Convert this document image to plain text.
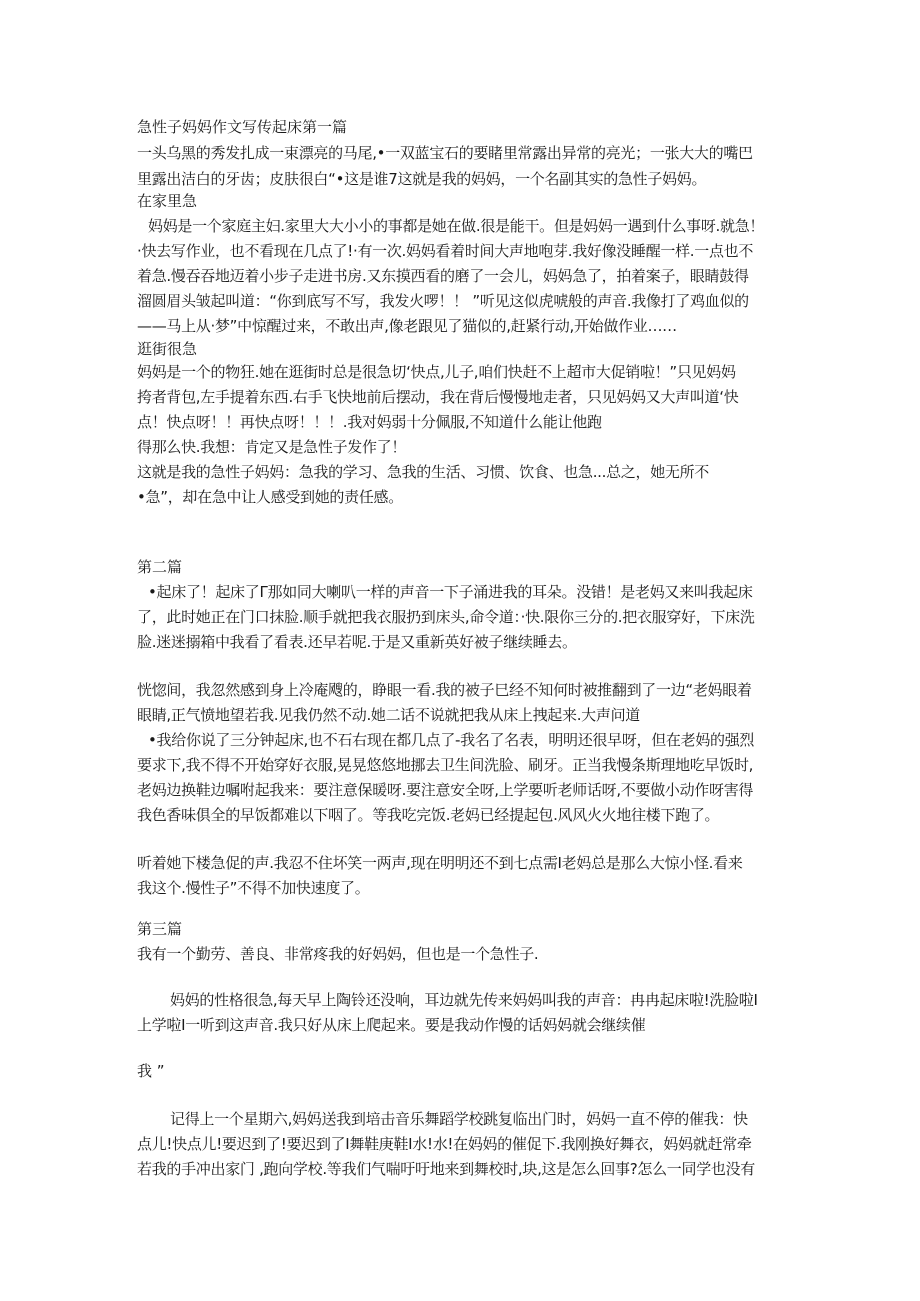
急性子妈妈作文写传起床第一篇
一头乌黑的秀发扎成一束漂亮的马尾,•一双蓝宝石的要睹里常露出异常的亮光；一张大大的嘴巴
里露出洁白的牙齿；皮肤很白“•这是谁7这就是我的妈妈，一个名副其实的急性子妈妈。
在家里急
妈妈是一个家庭主妇.家里大大小小的事都是她在做.很是能干。但是妈妈一遇到什么事呀.就急！
·快去写作业，也不看现在几点了!·有一次.妈妈看着时间大声地咆芽.我好像没睡醒一样.一点也不
着急.慢吞吞地迈着小步子走进书房.又东摸西看的磨了一会儿，妈妈急了，拍着案子，眼睛鼓得
溜圆眉头皱起叫道：“你到底写不写，我发火啰！！ ”听见这似虎唬般的声音.我像打了鸡血似的
——马上从·梦”中惊醒过来，不敢出声,像老跟见了猫似的,赶紧行动,开始做作业……
逛街很急
妈妈是一个的物狂.她在逛街时总是很急切‘快点,儿子,咱们快赶不上超市大促销啦！”只见妈妈
挎者背包,左手提着东西.右手飞快地前后摆动，我在背后慢慢地走者，只见妈妈又大声叫道‘快
点！快点呀！！再快点呀！！！.我对妈弱十分佩服,不知道什么能让他跑
得那么快.我想：肯定又是急性子发作了！
这就是我的急性子妈妈：急我的学习、急我的生活、习惯、饮食、也急...总之，她无所不
•急”，却在急中让人感受到她的责任感。
第二篇
•起床了！起床了Γ那如同大喇叭一样的声音一下子涌进我的耳朵。没错！是老妈又来叫我起床
了，此时她正在门口抹脸.顺手就把我衣服扔到床头,命令道：·快.限你三分的.把衣服穿好，下床洗
脸.迷迷搦箱中我看了看表.还早若呢.于是又重新英好被子继续睡去。
恍惚间，我忽然感到身上冷庵飕的，睁眼一看.我的被子巳经不知何时被推翻到了一边“老妈眼着
眼睛,正气愤地望若我.见我仍然不动.她二话不说就把我从床上拽起来.大声问道
•我给你说了三分钟起床,也不石右现在都几点了-我名了名表，明明还很早呀，但在老妈的强烈
要求下,我不得不开始穿好衣服,晃晃悠悠地挪去卫生间洗脸、刷牙。正当我慢条斯理地吃早饭时,
老妈边换鞋边嘱咐起我来：要注意保暖呀.要注意安全呀,上学要听老师话呀,不要做小动作呀害得
我色香味俱全的早饭都难以下咽了。等我吃完饭.老妈已经提起包.风风火火地往楼下跑了。
听着她下楼急促的声.我忍不住坏笑一两声,现在明明还不到七点需Ι老妈总是那么大惊小怪.看来
我这个.慢性子”不得不加快速度了。
第三篇
我有一个勤劳、善良、非常疼我的好妈妈，但也是一个急性子.
妈妈的性格很急,每天早上陶铃还没响，耳边就先传来妈妈叫我的声音：冉冉起床啦!洗脸啦Ι
上学啦Ι一听到这声音.我只好从床上爬起来。要是我动作慢的话妈妈就会继续催
我 ”
记得上一个星期六,妈妈送我到培击音乐舞蹈学校跳复临出门时，妈妈一直不停的催我：快
点儿!快点儿!要迟到了!要迟到了Ι舞鞋庚鞋Ι水!水!在妈妈的催促下.我刚换好舞衣，妈妈就赶常牵
若我的手冲出家门 ,跑向学校.等我们气喘吁吁地来到舞校时,块,这是怎么回事?怎么一同学也没有
